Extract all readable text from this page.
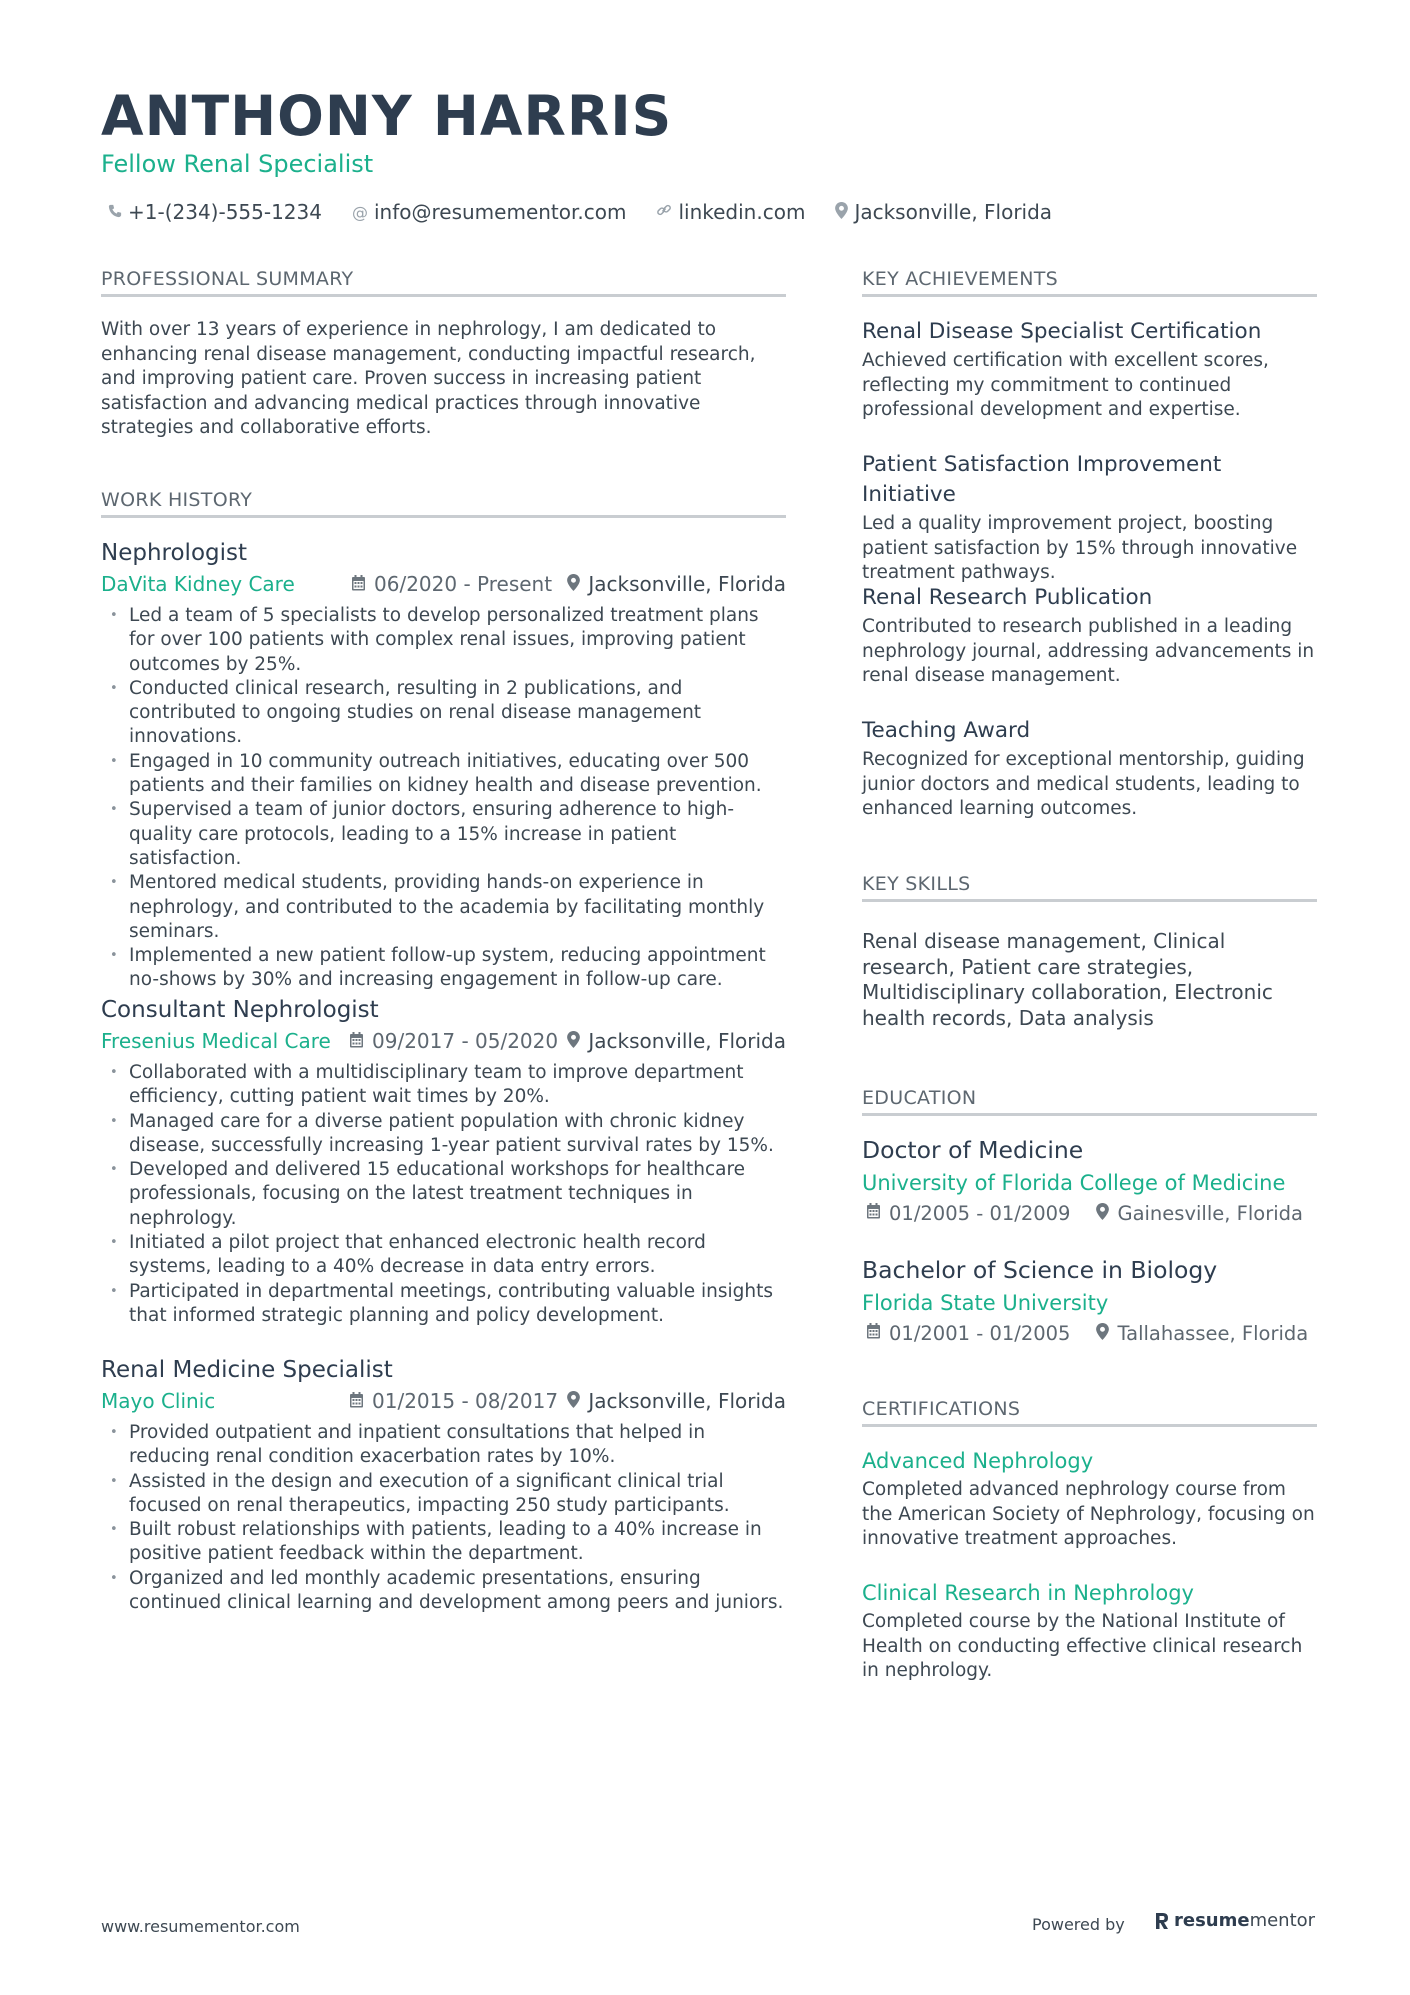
ANTHONY HARRIS
Fellow Renal Specialist
+1-(234)-555-1234 @ info@resumementor.com	linkedin.com Jacksonville, Florida
PROFESSIONAL SUMMARY
With over 13 years of experience in nephrology, I am dedicated to
enhancing renal disease management, conducting impactful research,
and improving patient care. Proven success in increasing patient
satisfaction and advancing medical practices through innovative
strategies and collaborative efforts.
WORK HISTORY
Nephrologist
DaVita Kidney Care	06/2020 - Present	Jacksonville, Florida
• Led a team of 5 specialists to develop personalized treatment plans
for over 100 patients with complex renal issues, improving patient
outcomes by 25%.
• Conducted clinical research, resulting in 2 publications, and
contributed to ongoing studies on renal disease management
innovations.
• Engaged in 10 community outreach initiatives, educating over 500
patients and their families on kidney health and disease prevention.
• Supervised a team of junior doctors, ensuring adherence to high-
quality care protocols, leading to a 15% increase in patient satisfaction.
• Mentored medical students, providing hands-on experience in
nephrology, and contributed to the academia by facilitating monthly
seminars.
• Implemented a new patient follow-up system, reducing appointment
no-shows by 30% and increasing engagement in follow-up care.
Consultant Nephrologist
Fresenius Medical Care	09/2017 - 05/2020	Jacksonville, Florida
• Collaborated with a multidisciplinary team to improve department
efficiency, cutting patient wait times by 20%.
• Managed care for a diverse patient population with chronic kidney
disease, successfully increasing 1-year patient survival rates by 15%.
• Developed and delivered 15 educational workshops for healthcare
professionals, focusing on the latest treatment techniques in
nephrology.
• Initiated a pilot project that enhanced electronic health record
systems, leading to a 40% decrease in data entry errors.
• Participated in departmental meetings, contributing valuable insights
that informed strategic planning and policy development.
Renal Medicine Specialist
Mayo Clinic	01/2015 - 08/2017	Jacksonville, Florida
• Provided outpatient and inpatient consultations that helped in
reducing renal condition exacerbation rates by 10%.
• Assisted in the design and execution of a significant clinical trial
focused on renal therapeutics, impacting 250 study participants.
• Built robust relationships with patients, leading to a 40% increase in
positive patient feedback within the department.
• Organized and led monthly academic presentations, ensuring
continued clinical learning and development among peers and juniors.
KEY ACHIEVEMENTS
Renal Disease Specialist Certification
Achieved certification with excellent scores,
reflecting my commitment to continued
professional development and expertise.
Patient Satisfaction Improvement Initiative
Led a quality improvement project, boosting
patient satisfaction by 15% through innovative
treatment pathways.
Renal Research Publication
Contributed to research published in a leading
nephrology journal, addressing advancements in
renal disease management.
Teaching Award
Recognized for exceptional mentorship, guiding
junior doctors and medical students, leading to
enhanced learning outcomes.
KEY SKILLS
Renal disease management, Clinical
research, Patient care strategies,
Multidisciplinary collaboration, Electronic
health records, Data analysis
EDUCATION
Doctor of Medicine
University of Florida College of Medicine
01/2005 - 01/2009 Gainesville, Florida
Bachelor of Science in Biology
Florida State University
01/2001 - 01/2005 Tallahassee, Florida
CERTIFICATIONS
Advanced Nephrology
Completed advanced nephrology course from
the American Society of Nephrology, focusing on
innovative treatment approaches.
Clinical Research in Nephrology
Completed course by the National Institute of
Health on conducting effective clinical research
in nephrology.
www.resumementor.com	Powered by	resume mentor
